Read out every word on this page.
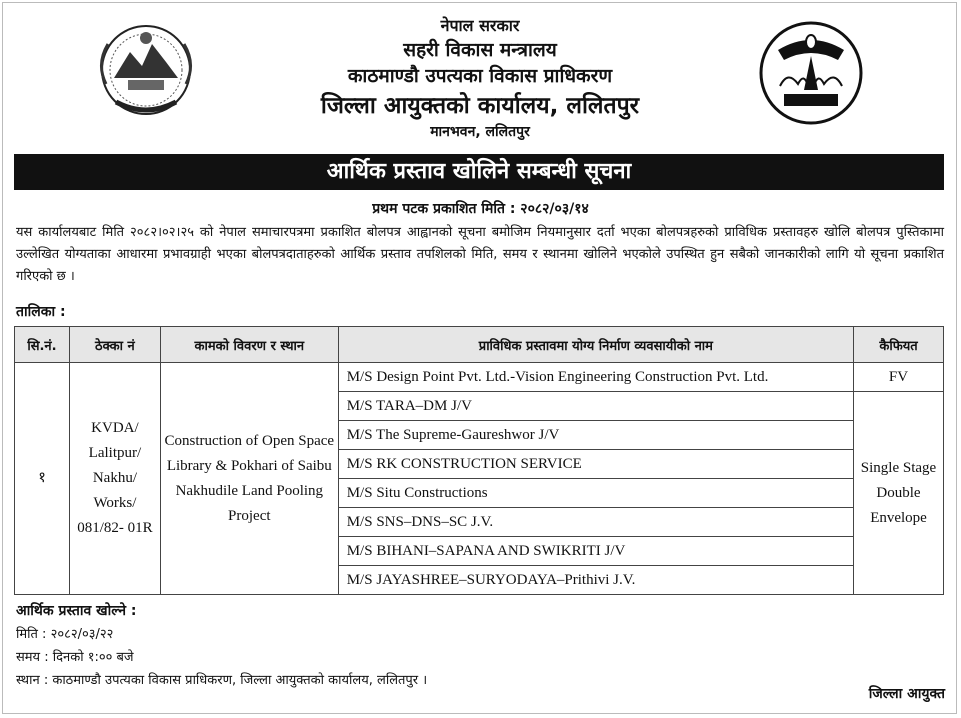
नेपाल सरकार
सहरी विकास मन्त्रालय
काठमाण्डौ उपत्यका विकास प्राधिकरण
जिल्ला आयुक्तको कार्यालय, ललितपुर
मानभवन, ललितपुर
आर्थिक प्रस्ताव खोलिने सम्बन्धी सूचना
प्रथम पटक प्रकाशित मिति : २०८२/०३/१४
यस कार्यालयबाट मिति २०८२।०२।२५ को नेपाल समाचारपत्रमा प्रकाशित बोलपत्र आह्वानको सूचना बमोजिम नियमानुसार दर्ता भएका बोलपत्रहरुको प्राविधिक प्रस्तावहरु खोलि बोलपत्र पुस्तिकामा उल्लेखित योग्यताका आधारमा प्रभावग्राही भएका बोलपत्रदाताहरुको आर्थिक प्रस्ताव तपशिलको मिति, समय र स्थानमा खोलिने भएकोले उपस्थित हुन सबैको जानकारीको लागि यो सूचना प्रकाशित गरिएको छ ।
तालिका :
सि.नं.	ठेक्का नं	कामको विवरण र स्थान	प्राविधिक प्रस्तावमा योग्य निर्माण व्यवसायीको नाम	कैफियत
१	KVDA/ Lalitpur/ Nakhu/ Works/ 081/82- 01R	Construction of Open Space Library & Pokhari of Saibu Nakhudile Land Pooling Project	M/S Design Point Pvt. Ltd.-Vision Engineering Construction Pvt. Ltd.	FV
			M/S TARA–DM J/V	Single Stage Double Envelope
			M/S The Supreme-Gaureshwor J/V	
			M/S RK CONSTRUCTION SERVICE	
			M/S Situ Constructions	
			M/S SNS–DNS–SC J.V.	
			M/S BIHANI–SAPANA AND SWIKRITI J/V	
			M/S JAYASHREE–SURYODAYA–Prithivi J.V.	
आर्थिक प्रस्ताव खोल्ने :
मिति : २०८२/०३/२२
समय : दिनको १:०० बजे
स्थान : काठमाण्डौ उपत्यका विकास प्राधिकरण, जिल्ला आयुक्तको कार्यालय, ललितपुर ।
जिल्ला आयुक्त
